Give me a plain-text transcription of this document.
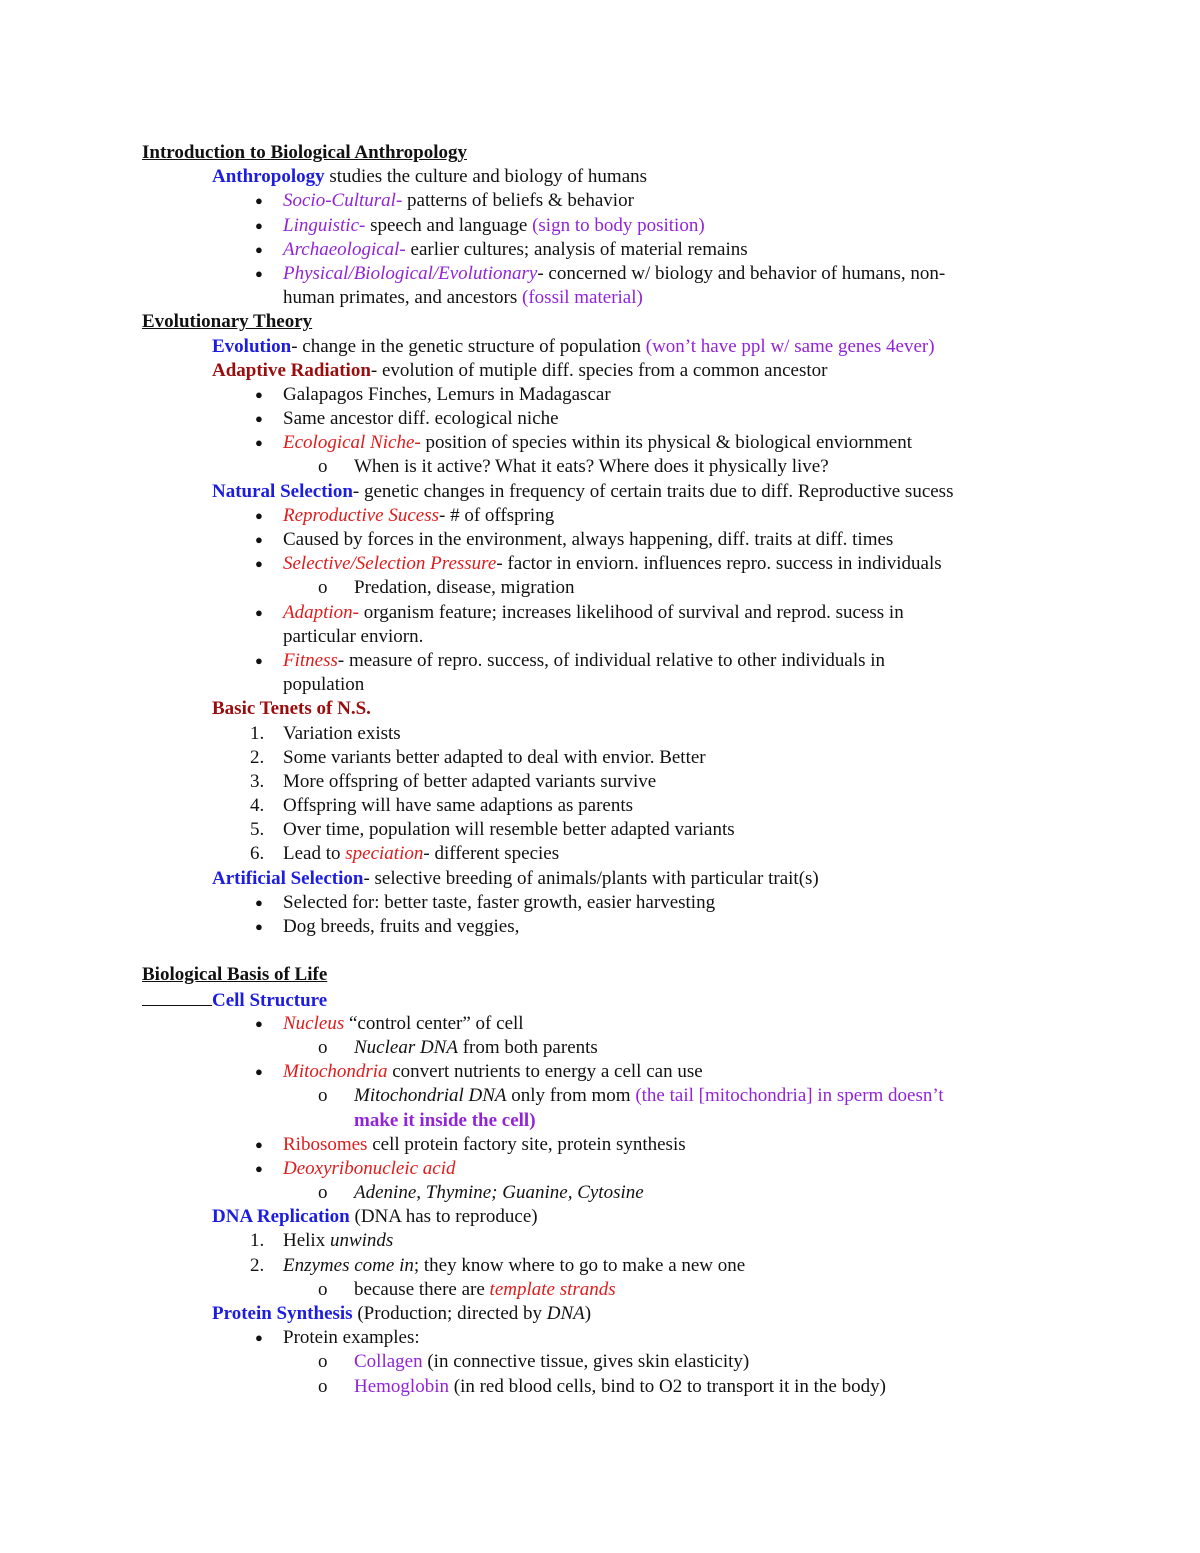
Introduction to Biological Anthropology
Anthropology studies the culture and biology of humans
● Socio-Cultural- patterns of beliefs & behavior
● Linguistic- speech and language (sign to body position)
● Archaeological- earlier cultures; analysis of material remains
● Physical/Biological/Evolutionary- concerned w/ biology and behavior of humans, non-
human primates, and ancestors (fossil material)
Evolutionary Theory
Evolution- change in the genetic structure of population (won’t have ppl w/ same genes 4ever)
Adaptive Radiation- evolution of mutiple diff. species from a common ancestor
● Galapagos Finches, Lemurs in Madagascar
● Same ancestor diff. ecological niche
● Ecological Niche- position of species within its physical & biological enviornment
o When is it active? What it eats? Where does it physically live?
Natural Selection- genetic changes in frequency of certain traits due to diff. Reproductive sucess
● Reproductive Sucess- # of offspring
● Caused by forces in the environment, always happening, diff. traits at diff. times
● Selective/Selection Pressure- factor in enviorn. influences repro. success in individuals
o Predation, disease, migration
● Adaption- organism feature; increases likelihood of survival and reprod. sucess in
particular enviorn.
● Fitness- measure of repro. success, of individual relative to other individuals in
population
Basic Tenets of N.S.
1. Variation exists
2. Some variants better adapted to deal with envior. Better
3. More offspring of better adapted variants survive
4. Offspring will have same adaptions as parents
5. Over time, population will resemble better adapted variants
6. Lead to speciation- different species
Artificial Selection- selective breeding of animals/plants with particular trait(s)
● Selected for: better taste, faster growth, easier harvesting
● Dog breeds, fruits and veggies,
Biological Basis of Life
Cell Structure
● Nucleus “control center” of cell
o Nuclear DNA from both parents
● Mitochondria convert nutrients to energy a cell can use
o Mitochondrial DNA only from mom (the tail [mitochondria] in sperm doesn’t
make it inside the cell)
● Ribosomes cell protein factory site, protein synthesis
● Deoxyribonucleic acid
o Adenine, Thymine; Guanine, Cytosine
DNA Replication (DNA has to reproduce)
1. Helix unwinds
2. Enzymes come in; they know where to go to make a new one
o because there are template strands
Protein Synthesis (Production; directed by DNA)
● Protein examples:
o Collagen (in connective tissue, gives skin elasticity)
o Hemoglobin (in red blood cells, bind to O2 to transport it in the body)
